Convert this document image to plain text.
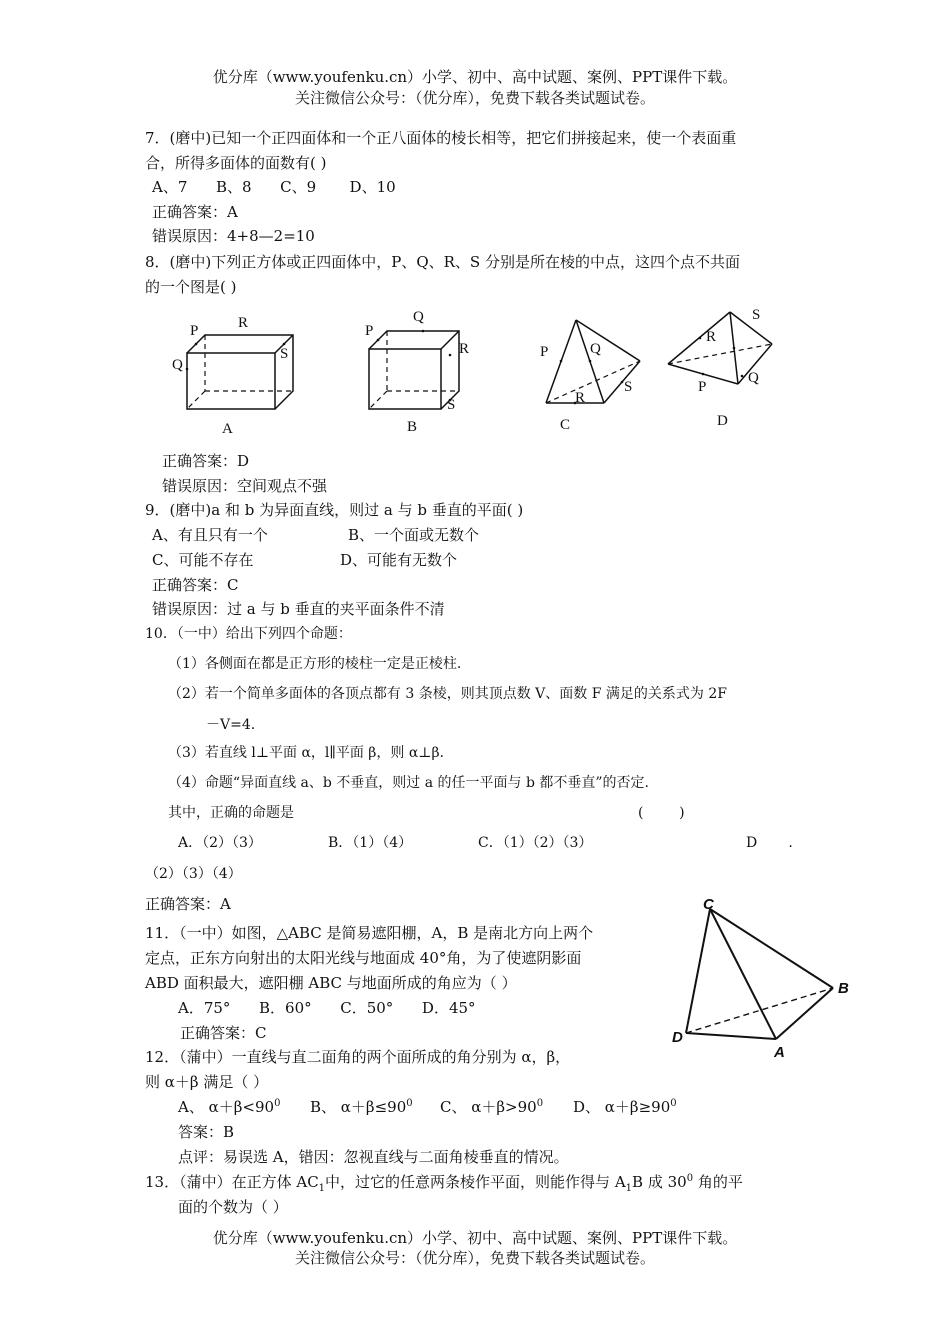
优分库（www.youfenku.cn）小学、初中、高中试题、案例、PPT课件下载。
关注微信公众号：（优分库），免费下载各类试题试卷。
7．(磨中)已知一个正四面体和一个正八面体的棱长相等，把它们拼接起来，使一个表面重
合，所得多面体的面数有( )
A、7      B、8      C、9       D、10
正确答案：A
错误原因：4+8—2=10
8．(磨中)下列正方体或正四面体中，P、Q、R、S 分别是所在棱的中点，这四个点不共面
的一个图是( )
P	R
Q
S
A
P
Q
R
S
B
P	Q
S
R
C
S
R
P
Q
D
正确答案：D
错误原因：空间观点不强
9．(磨中)a 和 b 为异面直线，则过 a 与 b 垂直的平面( )
A、有且只有一个	B、一个面或无数个
C、可能不存在	D、可能有无数个
正确答案：C
错误原因：过 a 与 b 垂直的夹平面条件不清
10．（一中）给出下列四个命题：
（1）各侧面在都是正方形的棱柱一定是正棱柱.
（2）若一个简单多面体的各顶点都有 3 条棱，则其顶点数 V、面数 F 满足的关系式为 2F
－V=4.
（3）若直线 l⊥平面 α，l∥平面 β，则 α⊥β.
（4）命题“异面直线 a、b 不垂直，则过 a 的任一平面与 b 都不垂直”的否定.
其中，正确的命题是	(        )
A．（2）（3）	B．（1）（4）	C．（1）（2）（3）	D       .
（2）（3）（4）
正确答案：A
11．（一中）如图，△ABC 是简易遮阳棚，A，B 是南北方向上两个
定点，正东方向射出的太阳光线与地面成 40°角，为了使遮阴影面
ABD 面积最大，遮阳棚 ABC 与地面所成的角应为（ ）
A．75°      B．60°      C．50°      D．45°
正确答案：C
C
B
D
A
12．（蒲中）一直线与直二面角的两个面所成的角分别为 α，β，
则 α＋β 满足（ ）
A、 $\alpha+\beta<90^0$ B、 $\alpha+\beta\le 90^0$ C、 $\alpha+\beta>90^0$ D、 $\alpha+\beta\ge 90^0$
答案：B
点评：易误选 A，错因：忽视直线与二面角棱垂直的情况。
13．（蒲中）在正方体 $AC_1$中，过它的任意两条棱作平面，则能作得与 $A_1B$ 成 $30^0$ 角的平
面的个数为（ ）
优分库（www.youfenku.cn）小学、初中、高中试题、案例、PPT课件下载。
关注微信公众号：（优分库），免费下载各类试题试卷。
